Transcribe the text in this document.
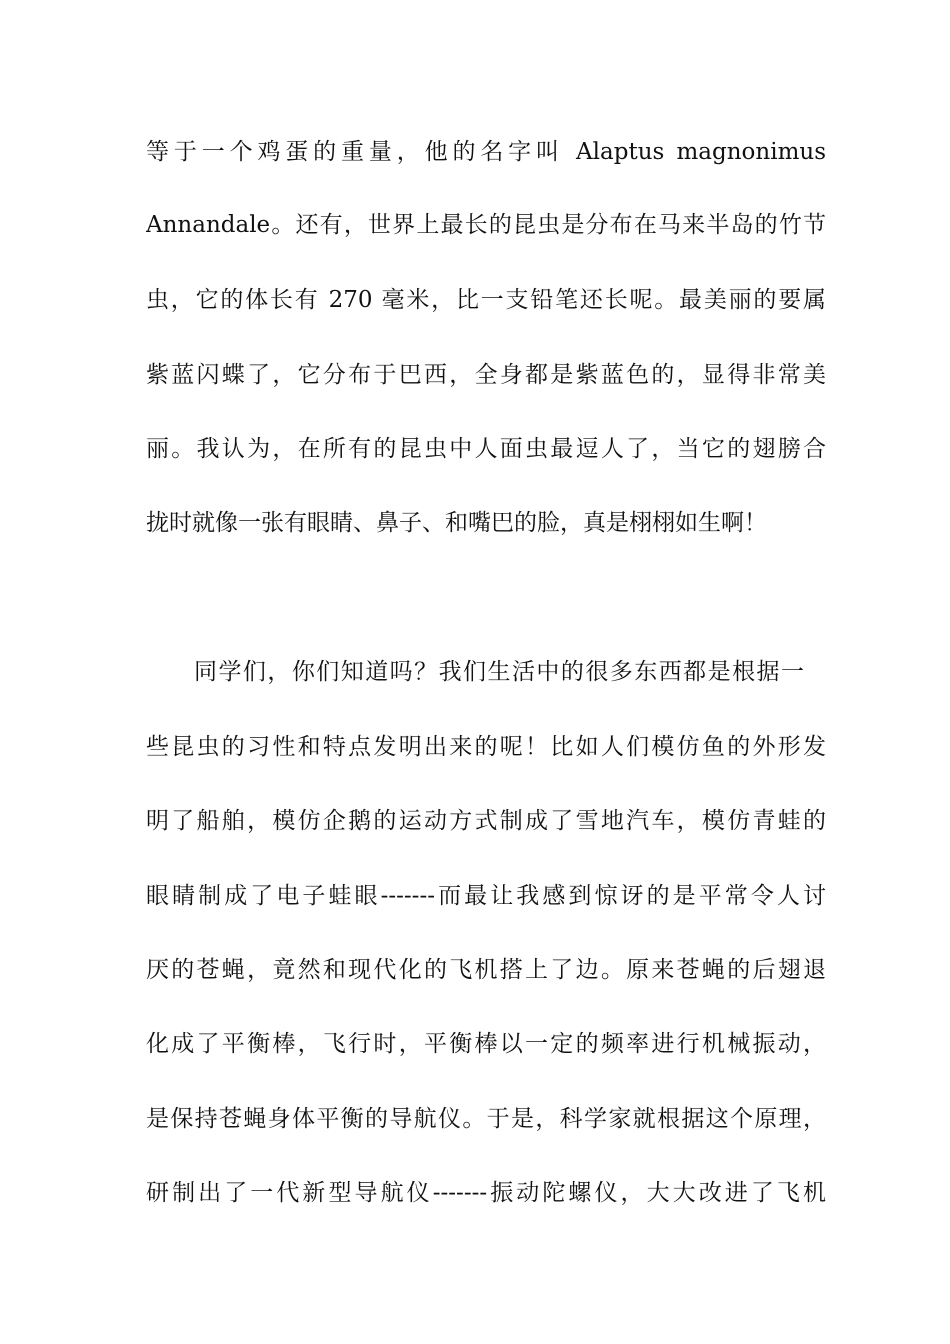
等于一个鸡蛋的重量，他的名字叫 Alaptus magnonimus
Annandale。还有，世界上最长的昆虫是分布在马来半岛的竹节
虫，它的体长有 270 毫米，比一支铅笔还长呢。最美丽的要属
紫蓝闪蝶了，它分布于巴西，全身都是紫蓝色的，显得非常美
丽。我认为，在所有的昆虫中人面虫最逗人了，当它的翅膀合
拢时就像一张有眼睛、鼻子、和嘴巴的脸，真是栩栩如生啊！
同学们，你们知道吗？我们生活中的很多东西都是根据一
些昆虫的习性和特点发明出来的呢！比如人们模仿鱼的外形发
明了船舶，模仿企鹅的运动方式制成了雪地汽车，模仿青蛙的
眼睛制成了电子蛙眼-------而最让我感到惊讶的是平常令人讨
厌的苍蝇，竟然和现代化的飞机搭上了边。原来苍蝇的后翅退
化成了平衡棒，飞行时，平衡棒以一定的频率进行机械振动，
是保持苍蝇身体平衡的导航仪。于是，科学家就根据这个原理，
研制出了一代新型导航仪-------振动陀螺仪，大大改进了飞机
